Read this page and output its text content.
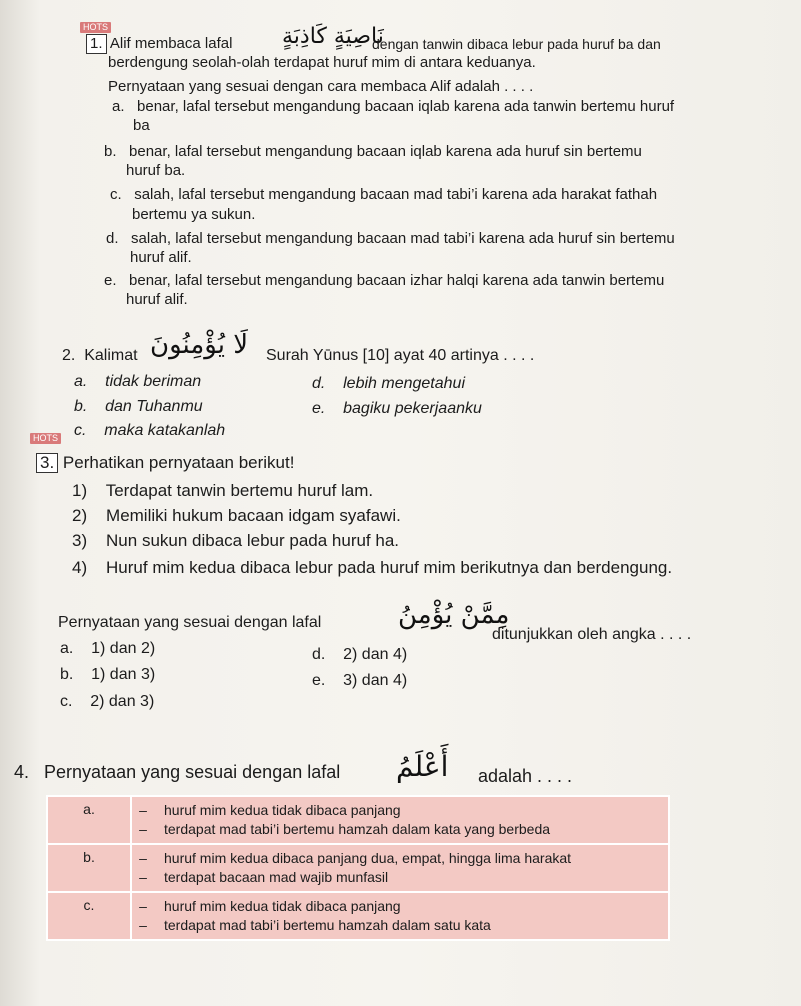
HOTS
1. Alif membaca lafal نَاصِيَةٍ كَاذِبَةٍ
dengan tanwin dibaca lebur pada huruf ba dan
berdengung seolah-olah terdapat huruf mim di antara keduanya.
Pernyataan yang sesuai dengan cara membaca Alif adalah . . . .
a. benar, lafal tersebut mengandung bacaan iqlab karena ada tanwin bertemu huruf
ba
b. benar, lafal tersebut mengandung bacaan iqlab karena ada huruf sin bertemu
huruf ba.
c. salah, lafal tersebut mengandung bacaan mad tabi’i karena ada harakat fathah
bertemu ya sukun.
d. salah, lafal tersebut mengandung bacaan mad tabi’i karena ada huruf sin bertemu
huruf alif.
e. benar, lafal tersebut mengandung bacaan izhar halqi karena ada tanwin bertemu
huruf alif.
2. Kalimat لَا يُؤْمِنُونَ Surah Yūnus [10] ayat 40 artinya . . . .
a. tidak beriman	d. lebih mengetahui
b. dan Tuhanmu	e. bagiku pekerjaanku
c. maka katakanlah
HOTS
3. Perhatikan pernyataan berikut!
1) Terdapat tanwin bertemu huruf lam.
2) Memiliki hukum bacaan idgam syafawi.
3) Nun sukun dibaca lebur pada huruf ha.
4) Huruf mim kedua dibaca lebur pada huruf mim berikutnya dan berdengung.
Pernyataan yang sesuai dengan lafal	مِمَّنْ يُؤْمِنُ
ditunjukkan oleh angka . . . .
a. 1) dan 2)	d. 2) dan 4)
b. 1) dan 3)	e. 3) dan 4)
c. 2) dan 3)
4. Pernyataan yang sesuai dengan lafal أَعْلَمُ adalah . . . .
a.	– huruf mim kedua tidak dibaca panjang
– terdapat mad tabi’i bertemu hamzah dalam kata yang berbeda

b.	– huruf mim kedua dibaca panjang dua, empat, hingga lima harakat
– terdapat bacaan mad wajib munfasil

c.	– huruf mim kedua tidak dibaca panjang
– terdapat mad tabi’i bertemu hamzah dalam satu kata
